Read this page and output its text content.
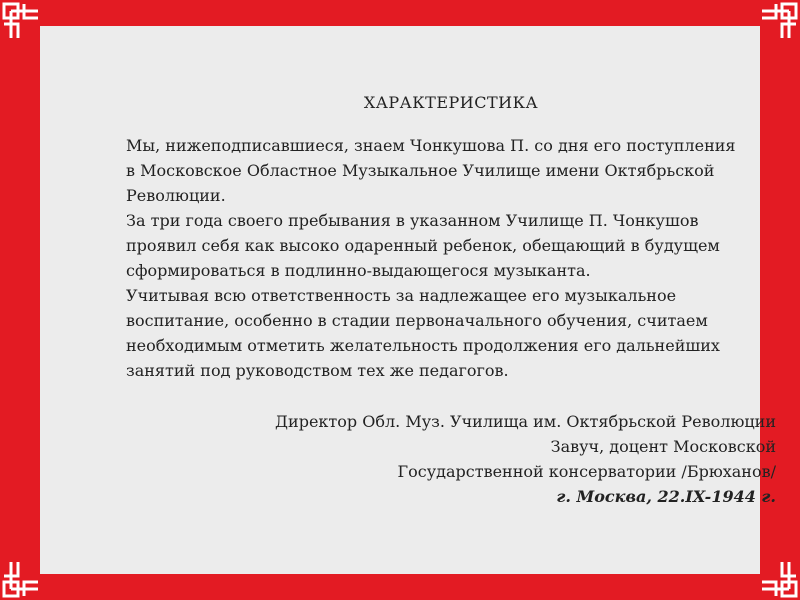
ХАРАКТЕРИСТИКА

Мы, нижеподписавшиеся, знаем Чонкушова П. со дня его поступления

в Московское Областное Музыкальное Училище имени Октябрьской

Революции.

За три года своего пребывания в указанном Училище П. Чонкушов

проявил себя как высоко одаренный ребенок, обещающий в будущем

сформироваться в подлинно-выдающегося музыканта.

Учитывая всю ответственность за надлежащее его музыкальное

воспитание, особенно в стадии первоначального обучения, считаем

необходимым отметить желательность продолжения его дальнейших

занятий под руководством тех же педагогов.

Директор Обл. Муз. Училища им. Октябрьской Революции
Завуч, доцент Московской
Государственной консерватории /Брюханов/
г. Москва, 22.IX-1944 г.
